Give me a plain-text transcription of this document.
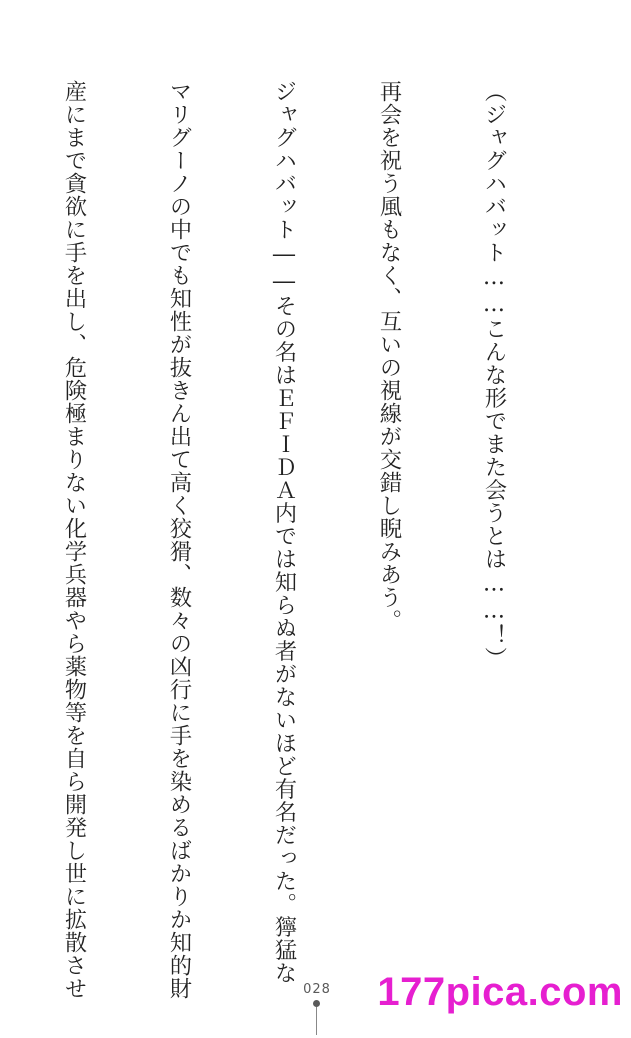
（ジャグハバット……こんな形でまた会うとは……！）

再会を祝う風もなく、互いの視線が交錯し睨みあう。

ジャグハバット――その名はＥＦＩＤＡ内では知らぬ者がないほど有名だった。獰猛な

マリグーノの中でも知性が抜きん出て高く狡猾、数々の凶行に手を染めるばかりか知的財

産にまで貪欲に手を出し、危険極まりない化学兵器やら薬物等を自ら開発し世に拡散させ

	028 177pica.com
